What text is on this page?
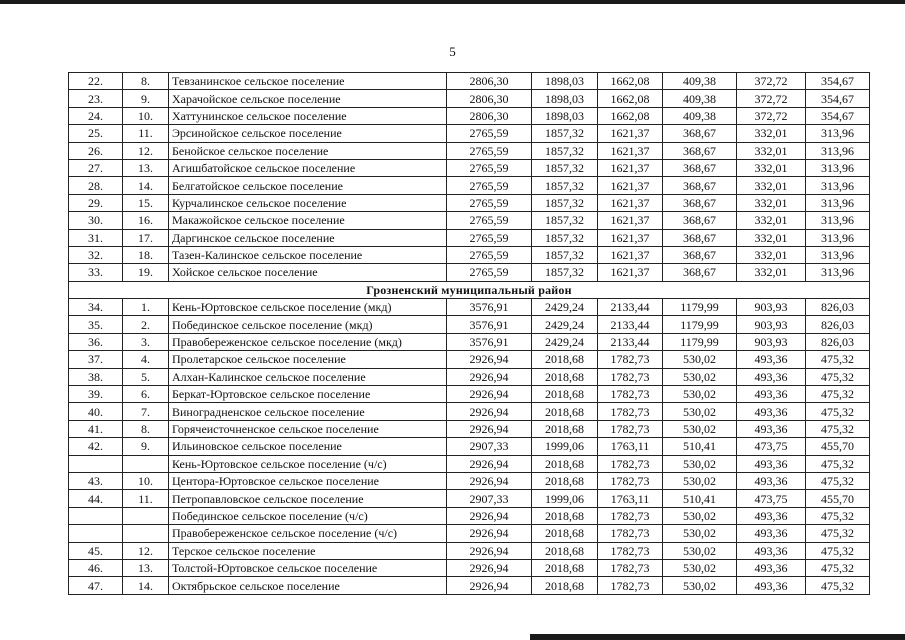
5
22.	8.	Тевзанинское сельское поселение	2806,30	1898,03	1662,08	409,38	372,72	354,67
23.	9.	Харачойское сельское поселение	2806,30	1898,03	1662,08	409,38	372,72	354,67
24.	10.	Хаттунинское сельское поселение	2806,30	1898,03	1662,08	409,38	372,72	354,67
25.	11.	Эрсинойское сельское поселение	2765,59	1857,32	1621,37	368,67	332,01	313,96
26.	12.	Бенойское сельское поселение	2765,59	1857,32	1621,37	368,67	332,01	313,96
27.	13.	Агишбатойское сельское поселение	2765,59	1857,32	1621,37	368,67	332,01	313,96
28.	14.	Белгатойское сельское поселение	2765,59	1857,32	1621,37	368,67	332,01	313,96
29.	15.	Курчалинское сельское поселение	2765,59	1857,32	1621,37	368,67	332,01	313,96
30.	16.	Макажойское сельское поселение	2765,59	1857,32	1621,37	368,67	332,01	313,96
31.	17.	Даргинское сельское поселение	2765,59	1857,32	1621,37	368,67	332,01	313,96
32.	18.	Тазен-Калинское сельское поселение	2765,59	1857,32	1621,37	368,67	332,01	313,96
33.	19.	Хойское сельское поселение	2765,59	1857,32	1621,37	368,67	332,01	313,96
Грозненский муниципальный район								
34.	1.	Кень-Юртовское сельское поселение (мкд)	3576,91	2429,24	2133,44	1179,99	903,93	826,03
35.	2.	Побединское сельское поселение (мкд)	3576,91	2429,24	2133,44	1179,99	903,93	826,03
36.	3.	Правобереженское сельское поселение (мкд)	3576,91	2429,24	2133,44	1179,99	903,93	826,03
37.	4.	Пролетарское сельское поселение	2926,94	2018,68	1782,73	530,02	493,36	475,32
38.	5.	Алхан-Калинское сельское поселение	2926,94	2018,68	1782,73	530,02	493,36	475,32
39.	6.	Беркат-Юртовское сельское поселение	2926,94	2018,68	1782,73	530,02	493,36	475,32
40.	7.	Виноградненское сельское поселение	2926,94	2018,68	1782,73	530,02	493,36	475,32
41.	8.	Горячеисточненское сельское поселение	2926,94	2018,68	1782,73	530,02	493,36	475,32
42.	9.	Ильиновское сельское поселение	2907,33	1999,06	1763,11	510,41	473,75	455,70
		Кень-Юртовское сельское поселение (ч/с)	2926,94	2018,68	1782,73	530,02	493,36	475,32
43.	10.	Центора-Юртовское сельское поселение	2926,94	2018,68	1782,73	530,02	493,36	475,32
44.	11.	Петропавловское сельское поселение	2907,33	1999,06	1763,11	510,41	473,75	455,70
		Побединское сельское поселение (ч/с)	2926,94	2018,68	1782,73	530,02	493,36	475,32
		Правобереженское сельское поселение (ч/с)	2926,94	2018,68	1782,73	530,02	493,36	475,32
45.	12.	Терское сельское поселение	2926,94	2018,68	1782,73	530,02	493,36	475,32
46.	13.	Толстой-Юртовское сельское поселение	2926,94	2018,68	1782,73	530,02	493,36	475,32
47.	14.	Октябрьское сельское поселение	2926,94	2018,68	1782,73	530,02	493,36	475,32
